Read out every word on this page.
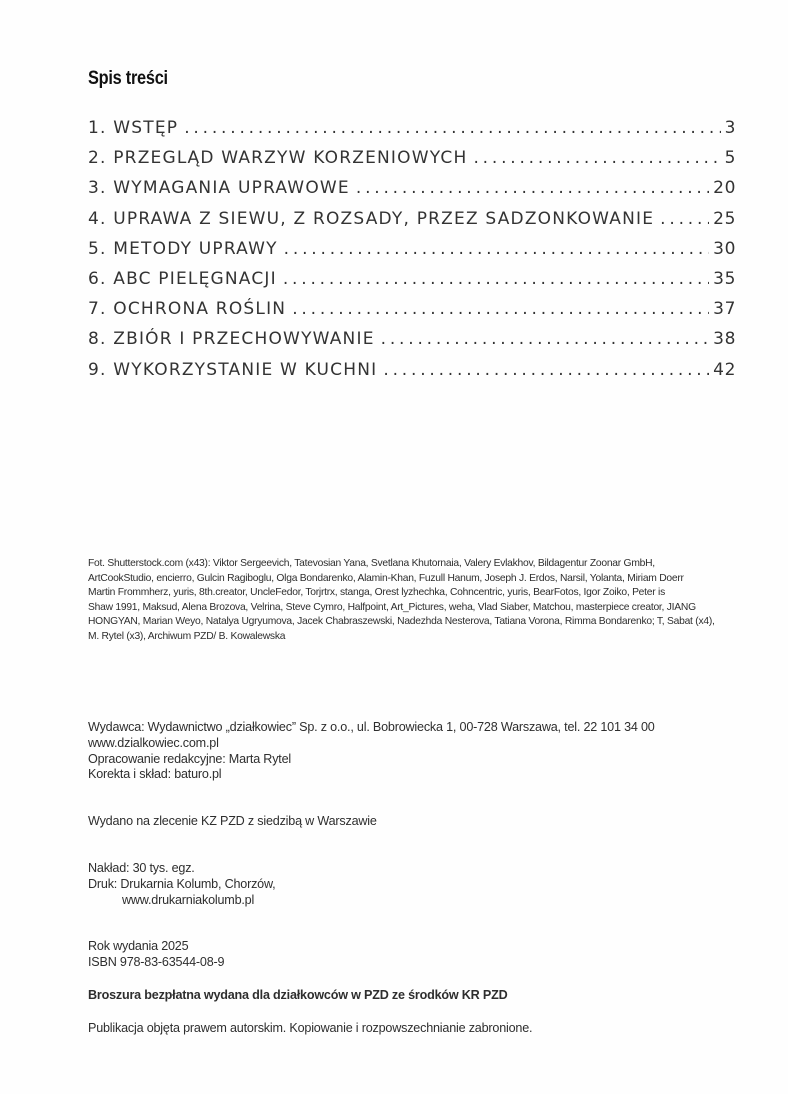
Spis treści
1.
WSTĘP .....	3
2.
PRZEGLĄD WARZYW KORZENIOWYCH .....	5
3.
WYMAGANIA UPRAWOWE .....	20
4.
UPRAWA Z SIEWU, Z ROZSADY, PRZEZ SADZONKOWANIE .....	25
5.
METODY UPRAWY .....	30
6.
ABC PIELĘGNACJI .....	35
7.
OCHRONA ROŚLIN .....	37
8.
ZBIÓR I PRZECHOWYWANIE .....	38
9.
WYKORZYSTANIE W KUCHNI .....	42
Fot. Shutterstock.com (x43): Viktor Sergeevich, Tatevosian Yana, Svetlana Khutornaia, Valery Evlakhov, Bildagentur Zoonar GmbH,
ArtCookStudio, encierro, Gulcin Ragiboglu, Olga Bondarenko, Alamin-Khan, Fuzull Hanum, Joseph J. Erdos, Narsil, Yolanta, Miriam Doerr
Martin Frommherz, yuris, 8th.creator, UncleFedor, Torjrtrx, stanga, Orest lyzhechka, Cohncentric, yuris, BearFotos, Igor Zoiko, Peter is
Shaw 1991, Maksud, Alena Brozova, Velrina, Steve Cymro, Halfpoint, Art_Pictures, weha, Vlad Siaber, Matchou, masterpiece creator, JIANG
HONGYAN, Marian Weyo, Natalya Ugryumova, Jacek Chabraszewski, Nadezhda Nesterova, Tatiana Vorona, Rimma Bondarenko; T, Sabat (x4),
M. Rytel (x3), Archiwum PZD/ B. Kowalewska
Wydawca: Wydawnictwo „działkowiec” Sp. z o.o., ul. Bobrowiecka 1, 00-728 Warszawa, tel. 22 101 34 00
www.dzialkowiec.com.pl
Opracowanie redakcyjne: Marta Rytel
Korekta i skład: baturo.pl
Wydano na zlecenie KZ PZD z siedzibą w Warszawie
Nakład: 30 tys. egz.
Druk: Drukarnia Kolumb, Chorzów,
www.drukarniakolumb.pl
Rok wydania 2025
ISBN 978-83-63544-08-9
Broszura bezpłatna wydana dla działkowców w PZD ze środków KR PZD
Publikacja objęta prawem autorskim. Kopiowanie i rozpowszechnianie zabronione.
